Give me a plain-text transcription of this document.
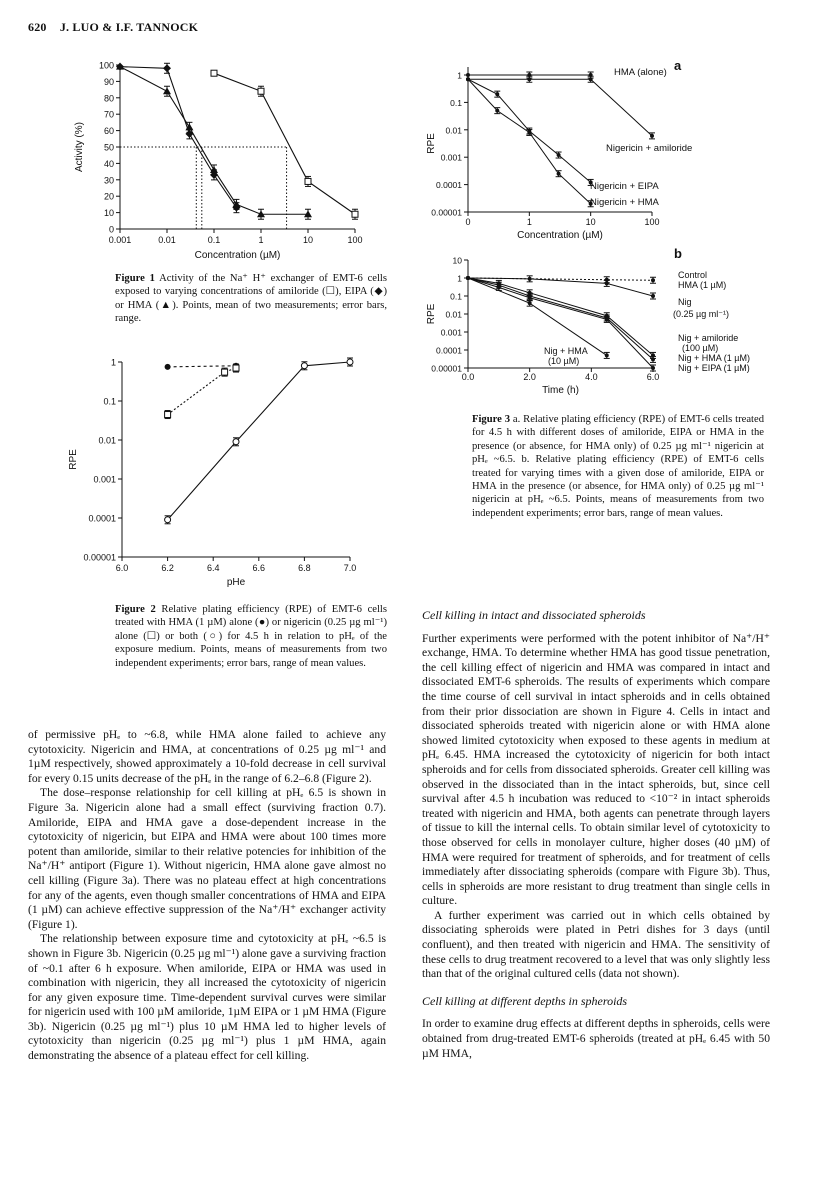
620 J. LUO & I.F. TANNOCK
0
10
20
30
40
50
60
70
80
90
100
0.001	0.01	0.1	1	10	100
Concentration (µM)
Activity (%)
Figure 1 Activity of the Na⁺ H⁺ exchanger of EMT-6 cells exposed to varying concentrations of amiloride (☐), EIPA (◆) or HMA (▲). Points, mean of two measurements; error bars, range.
0.00001
0.0001
0.001
0.01
0.1
1
6.0	6.2	6.4	6.6	6.8	7.0
pHe
RPE
Figure 2 Relative plating efficiency (RPE) of EMT-6 cells treated with HMA (1 µM) alone (●) or nigericin (0.25 µg ml⁻¹) alone (☐) or both (○) for 4.5 h in relation to pHₑ of the exposure medium. Points, means of measurements from two independent experiments; error bars, range of mean values.
0.00001
0.0001
0.001
0.01
0.1
1
0	1	10	100
Concentration (µM)
RPE
HMA (alone)
Nigericin + amiloride
Nigericin + EIPA
Nigericin + HMA
a
0.00001
0.0001
0.001
0.01
0.1
1
10
0.0	2.0	4.0	6.0
Time (h)
RPE
Control
HMA (1 µM)
Nig
(0.25 µg ml⁻¹)
Nig + amiloride
(100 µM)
Nig + HMA (1 µM)
Nig + EIPA (1 µM)
Nig + HMA
(10 µM)
b
Figure 3 a. Relative plating efficiency (RPE) of EMT-6 cells treated for 4.5 h with different doses of amiloride, EIPA or HMA in the presence (or absence, for HMA only) of 0.25 µg ml⁻¹ nigericin at pHₑ ~6.5. b. Relative plating efficiency (RPE) of EMT-6 cells treated for varying times with a given dose of amiloride, EIPA or HMA in the presence (or absence, for HMA only) of 0.25 µg ml⁻¹ nigericin at pHₑ ~6.5. Points, means of measurements from two independent experiments; error bars, range of mean values.

of permissive pHₑ to ~6.8, while HMA alone failed to achieve any cytotoxicity. Nigericin and HMA, at concentrations of 0.25 µg ml⁻¹ and 1µM respectively, showed approximately a 10-fold decrease in cell survival for every 0.15 units decrease of the pHₑ in the range of 6.2–6.8 (Figure 2).

The dose–response relationship for cell killing at pHₑ 6.5 is shown in Figure 3a. Nigericin alone had a small effect (surviving fraction 0.7). Amiloride, EIPA and HMA gave a dose-dependent increase in the cytotoxicity of nigericin, but EIPA and HMA were about 100 times more potent than amiloride, similar to their relative potencies for inhibition of the Na⁺/H⁺ antiport (Figure 1). Without nigericin, HMA alone gave almost no cell killing (Figure 3a). There was no plateau effect at high concentrations for any of the agents, even though smaller concentrations of HMA and EIPA (1 µM) can achieve effective suppression of the Na⁺/H⁺ exchanger activity (Figure 1).

The relationship between exposure time and cytotoxicity at pHₑ ~6.5 is shown in Figure 3b. Nigericin (0.25 µg ml⁻¹) alone gave a surviving fraction of ~0.1 after 6 h exposure. When amiloride, EIPA or HMA was used in combination with nigericin, they all increased the cytotoxicity of nigericin for any given exposure time. Time-dependent survival curves were similar for nigericin used with 100 µM amiloride, 1µM EIPA or 1 µM HMA (Figure 3b). Nigericin (0.25 µg ml⁻¹) plus 10 µM HMA led to higher levels of cytotoxicity than nigericin (0.25 µg ml⁻¹) plus 1 µM HMA, again demonstrating the absence of a plateau effect for cell killing.

Cell killing in intact and dissociated spheroids

Further experiments were performed with the potent inhibitor of Na⁺/H⁺ exchange, HMA. To determine whether HMA has good tissue penetration, the cell killing effect of nigericin and HMA was compared in intact and dissociated EMT-6 spheroids. The results of experiments which compare the time course of cell survival in intact spheroids and in cells obtained from their prior dissociation are shown in Figure 4. Cells in intact and dissociated spheroids treated with nigericin alone or with HMA alone showed limited cytotoxicity when exposed to these agents in medium at pHₑ 6.45. HMA increased the cytotoxicity of nigericin for both intact spheroids and for cells from dissociated spheroids. Greater cell killing was observed in the dissociated than in the intact spheroids, but, since cell survival after 4.5 h incubation was reduced to <10⁻² in intact spheroids treated with nigericin and HMA, both agents can penetrate through layers of tissue to kill the internal cells. To obtain similar level of cytotoxicity to those observed for cells in monolayer culture, higher doses (40 µM) of HMA were required for treatment of spheroids, and for treatment of cells immediately after dissociating spheroids (compare with Figure 3b). Thus, cells in spheroids are more resistant to drug treatment than single cells in culture.

A further experiment was carried out in which cells obtained by dissociating spheroids were plated in Petri dishes for 3 days (until confluent), and then treated with nigericin and HMA. The sensitivity of these cells to drug treatment recovered to a level that was only slightly less than that of the original cultured cells (data not shown).

Cell killing at different depths in spheroids

In order to examine drug effects at different depths in spheroids, cells were obtained from drug-treated EMT-6 spheroids (treated at pHₑ 6.45 with 50 µM HMA,
